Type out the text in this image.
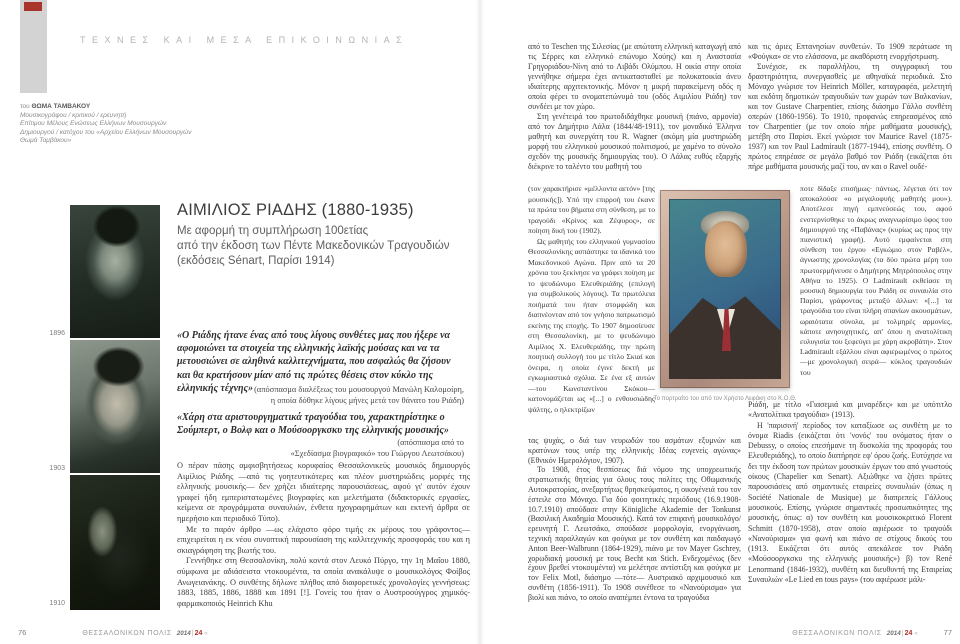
ΤΕΧΝΕΣ ΚΑΙ ΜΕΣΑ ΕΠΙΚΟΙΝΩΝΙΑΣ
του ΘΩΜΑ ΤΑΜΒΑΚΟΥ
Μουσικογράφου / κριτικού / ερευνητή
Επίτιμου Μέλους Ενώσεως Ελλήνων Μουσουργών
Δημιουργού / κατόχου του «Αρχείου Ελλήνων Μουσουργών
Θωμά Ταμβάκου»
1896
1903
1910
ΑΙΜΙΛΙΟΣ ΡΙΑΔΗΣ (1880-1935)
Με αφορμή τη συμπλήρωση 100ετίας
από την έκδοση των Πέντε Μακεδονικών Τραγουδιών
(εκδόσεις Sénart, Παρίσι 1914)
«Ο Ριάδης ήτανε ένας από τους λίγους συνθέτες μας που ήξερε να αφομοιώνει τα στοιχεία της ελληνικής λαϊκής μούσας και να τα μετουσιώνει σε αληθινά καλλιτεχνήματα, που ασφαλώς θα ζήσουν και θα κρατήσουν μίαν από τις πρώτες θέσεις στον κύκλο της ελληνικής τέχνης» (απόσπασμα διαλέξεως του μουσουργού Μανώλη Καλομοίρη,
η οποία δόθηκε λίγους μήνες μετά τον θάνατο του Ριάδη)
«Χάρη στα αριστουργηματικά τραγούδια του, χαρακτηρίστηκε ο Σούμπερτ, ο Βολφ και ο Μούσοοργκσκυ της ελληνικής μουσικής»
(απόσπασμα από το
«Σχεδίασμα βιογραφικό» του Γιώργου Λεωτσάκου)

Ο πέραν πάσης αμφισβητήσεως κορυφαίος Θεσσαλονικεύς μουσικός δημιουργός Αιμίλιος Ριάδης —από τις γοητευτικότερες και πλέον μυστηριώδεις μορφές της ελληνικής μουσικής— δεν χρήζει ιδιαίτερης παρουσιάσεως, αφού γι' αυτόν έχουν γραφεί ήδη εμπεριστατωμένες βιογραφίες και μελετήματα (διδακτορικές εργασίες, κείμενα σε προγράμματα συναυλιών, ένθετα ηχογραφημάτων και εκτενή άρθρα σε ημερήσιο και περιοδικό Τύπο).

Με το παρόν άρθρο —ως ελάχιστο φόρο τιμής εκ μέρους του γράφοντος— επιχειρείται η εκ νέου συνοπτική παρουσίαση της καλλιτεχνικής προσφοράς του και η σκιαγράφηση της βιωτής του.

Γεννήθηκε στη Θεσσαλονίκη, πολύ κοντά στον Λευκό Πύργο, την 1η Μαΐου 1880, σύμφωνα με αδιάσειστα ντοκουμέντα, τα οποία ανακάλυψε ο μουσικολόγος Φοίβος Ανωγειανάκης. Ο συνθέτης δήλωνε πλήθος από διαφορετικές χρονολογίες γεννήσεως: 1883, 1885, 1886, 1888 και 1891 [!]. Γονείς του ήταν ο Αυστροούγγρος χημικός-φαρμακοποιός Heinrich Khu

76	ΘΕΣΣΑΛΟΝΙΚΩΝ ΠΟΛΙΣ 2014|24 «

από το Teschen της Σιλεσίας (με απώτατη ελληνική καταγωγή από τις Σέρρες και ελληνικό επώνυμο Χούης) και η Αναστασία Γρηγοριάδου-Νίνη από το Λιβάδι Ολύμπου. Η οικία στην οποία γεννήθηκε σήμερα έχει αντικατασταθεί με πολυκατοικία άνευ ιδιαίτερης αρχιτεκτονικής. Μόνον η μικρή παρακείμενη οδός η οποία φέρει το ονοματεπώνυμό του (οδός Αιμιλίου Ριάδη) τον συνδέει με τον χώρο.

Στη γενέτειρά του πρωτοδιδάχθηκε μουσική (πιάνο, αρμονία) από τον Δημήτριο Λάλα (1844/48-1911), τον μοναδικό Έλληνα μαθητή και συνεργάτη του R. Wagner (ακόμη μία μυστηριώδη μορφή του ελληνικού μουσικού πολιτισμού, με χαμένο το σύνολο σχεδόν της μουσικής δημιουργίας του). Ο Λάλας ευθύς εξαρχής διέκρινε το ταλέντο του μαθητή του

(τον χαρακτήρισε «μέλλοντα αετόν» [της μουσικής]). Υπό την επιρροή του έκανε τα πρώτα του βήματα στη σύνθεση, με το τραγούδι «Κρίνος και Ζέφυρος», σε ποίηση δική του (1902).

Ως μαθητής του ελληνικού γυμνασίου Θεσσαλονίκης ασπάστηκε τα ιδανικά του Μακεδονικού Αγώνα. Πριν από τα 20 χρόνια του ξεκίνησε να γράφει ποίηση με το ψευδώνυμο Ελευθεριάδης (επιλογή για συμβολικούς λόγους). Τα πρωτόλεια ποιήματά του ήταν στομφώδη και διαπνέονταν από τον γνήσιο πατριωτισμό εκείνης της εποχής. Το 1907 δημοσίευσε στη Θεσσαλονίκη, με το ψευδώνυμο Αιμίλιος Χ. Ελευθεριάδης, την πρώτη ποιητική συλλογή του με τίτλο Σκιαί και όνειρα, η οποία έγινε δεκτή με εγκωμιαστικά σχόλια. Σε ένα εξ αυτών —του Κωνσταντίνου Σκόκου— κατονομάζεται ως «[...] ο ενθουσιώδης ψάλτης, ο ηλεκτρίζων

τας ψυχάς, ο διά των νευρωδών του ασμάτων εξυμνών και κρατύνων τους υπέρ της ελληνικής Ιδέας ευγενείς αγώνας» (Εθνικόν Ημερολόγιον, 1907).

Το 1908, έτος θεσπίσεως διά νόμου της υποχρεωτικής στρατιωτικής θητείας για όλους τους πολίτες της Οθωμανικής Αυτοκρατορίας, ανεξαρτήτως θρησκεύματος, η οικογένειά του τον έστειλε στο Μόναχο. Για δύο φοιτητικές περιόδους (16.9.1908-10.7.1910) σπούδασε στην Königliche Akademie der Tonkunst (Βασιλική Ακαδημία Μουσικής). Κατά τον επιφανή μουσικολόγο/ερευνητή Γ. Λεωτσάκο, σπούδασε μορφολογία, ενοργάνωση, τεχνική παραλλαγών και φούγκα με τον συνθέτη και παιδαγωγό Anton Beer-Walbrunn (1864-1929), πιάνο με τον Mayer Gschrey, χορωδιακή μουσική με τους Becht και Stich. Ενδεχομένως (δεν έχουν βρεθεί ντοκουμέντα) να μελέτησε αντίστιξη και φούγκα με τον Felix Motl, διάσημο —τότε— Αυστριακό αρχιμουσικό και συνθέτη (1856-1911). Το 1908 συνέθεσε το «Νανούρισμα» για βιολί και πιάνο, το οποίο αναπέμπει έντονα τα τραγούδια

και τις άριες Επτανησίων συνθετών. Το 1909 περάτωσε τη «Φούγκα» σε ντο ελάσσονα, με ακαθόριστη ενορχήστρωση.

Συνέχισε, εκ παραλλήλου, τη συγγραφική του δραστηριότητα, συνεργασθείς με αθηναϊκά περιοδικά. Στο Μόναχο γνώρισε τον Heinrich Möller, καταγραφέα, μελετητή και εκδότη δημοτικών τραγουδιών των χωρών των Βαλκανίων, και τον Gustave Charpentier, επίσης διάσημο Γάλλο συνθέτη οπερών (1860-1956). Το 1910, προφανώς επηρεασμένος από τον Charpentier (με τον οποίο πήρε μαθήματα μουσικής), μετέβη στο Παρίσι. Εκεί γνώρισε τον Maurice Ravel (1875-1937) και τον Paul Ladmirault (1877-1944), επίσης συνθέτη. Ο πρώτος επηρέασε σε μεγάλο βαθμό τον Ριάδη (εικάζεται ότι πήρε μαθήματα μουσικής μαζί του, αν και ο Ravel ουδέ-

ποτε δίδαξε επισήμως· πάντως, λέγεται ότι τον αποκαλούσε «ο μεγαλοφυής μαθητής μου»). Αποτέλεσε πηγή εμπνεύσεώς του, αφού ενστερνίσθηκε το άκρως αναγνωρίσιμο ύφος του δημιουργού της «Παβάνας» (κυρίως ως προς την πιανιστική γραφή). Αυτό εμφαίνεται στη σύνθεση του έργου «Εγκώμιο στον Ραβέλ», άγνωστης χρονολογίας (τα δύο πρώτα μέρη του πρωτοερμήνευσε ο Δημήτρης Μητρόπουλος στην Αθήνα το 1925). Ο Ladmirault εκθείασε τη μουσική δημιουργία του Ριάδη σε συναυλία στο Παρίσι, γράφοντας μεταξύ άλλων: «[...] τα τραγούδια του είναι πλήρη σπανίων ακουσμάτων, ωραιότατα σύνολα, με τολμηρές αρμονίες, κάποτε ανησυχητικές, απ' όπου η ανατολίτικη ευλυγισία του ξεφεύγει με χάρη ακροβάτη». Στον Ladmirault εξάλλου είναι αφιερωμένος ο πρώτος —με χρονολογική σειρά— κύκλος τραγουδιών του

Ριάδη, με τίτλο «Γιασεμιά και μιναρέδες» και με υπότιτλο «Ανατολίτικα τραγούδια» (1913).

Η 'παρισινή' περίοδος τον καταξίωσε ως συνθέτη με το όνομα Riadis (εικάζεται ότι 'νονός' του ονόματος ήταν ο Debussy, ο οποίος επεσήμανε τη δυσκολία της προφοράς του Ελευθεριάδης), το οποίο διατήρησε εφ' όρου ζωής. Ευτύχησε να δει την έκδοση των πρώτων μουσικών έργων του από γνωστούς οίκους (Chapelier και Senart). Αξιώθηκε να ζήσει πρώτες παρουσιάσεις από σημαντικές εταιρείες συναυλιών (όπως η Société Nationale de Musique) με διαπρεπείς Γάλλους μουσικούς. Επίσης, γνώρισε σημαντικές προσωπικότητες της μουσικής, όπως: α) τον συνθέτη και μουσικοκριτικό Florent Schmitt (1870-1958), στον οποίο αφιέρωσε το τραγούδι «Νανούρισμα» για φωνή και πιάνο σε στίχους δικούς του (1913. Εικάζεται ότι αυτός απεκάλεσε τον Ριάδη «Μούσοοργκσκυ της ελληνικής μουσικής») β) τον René Lenormand (1846-1932), συνθέτη και διευθυντή της Εταιρείας Συναυλιών «Le Lied en tous pays» (του αφιέρωσε μάλι-

Το πορτραίτο του από τον Χρήστο Λεφάκη στο Κ.Ο.Θ.
ΘΕΣΣΑΛΟΝΙΚΩΝ ΠΟΛΙΣ 2014|24 «	77
